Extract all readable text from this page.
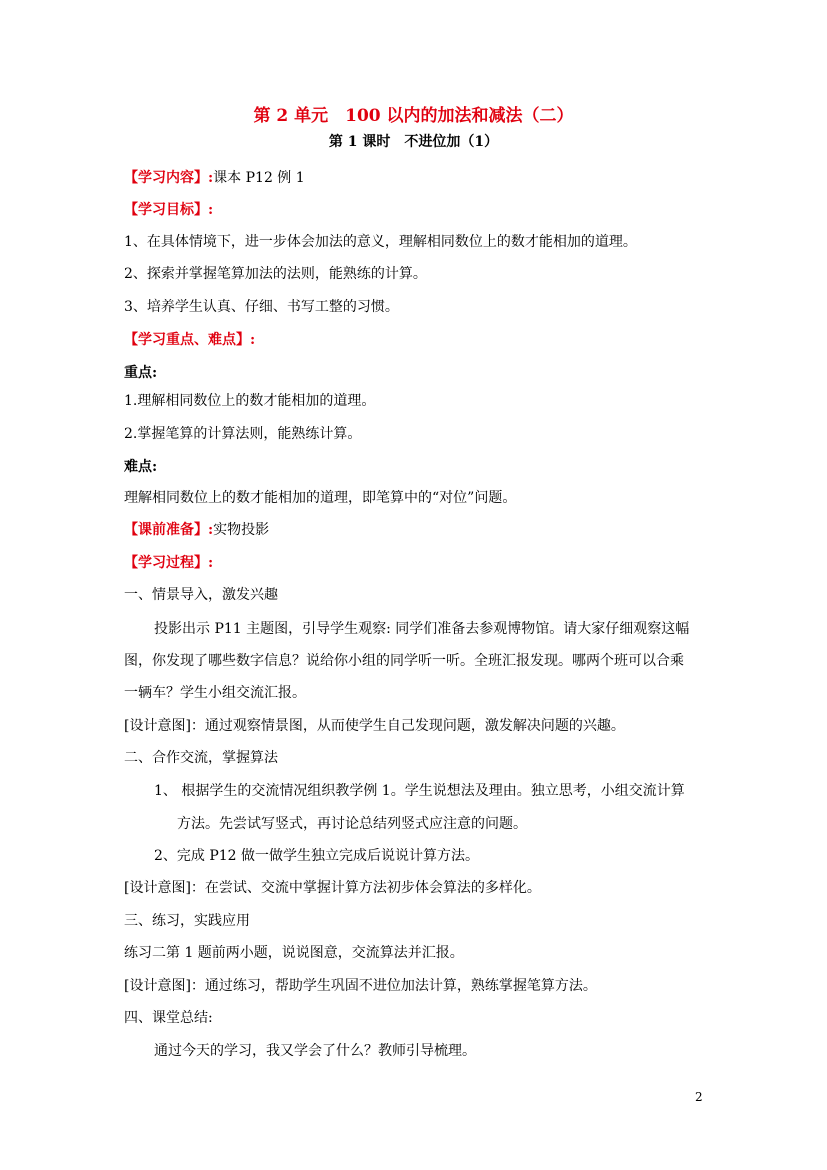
第 2 单元　100 以内的加法和减法（二）
第 1 课时　不进位加（1）
【学习内容】:课本 P12 例 1
【学习目标】:
1、在具体情境下，进一步体会加法的意义，理解相同数位上的数才能相加的道理。
2、探索并掌握笔算加法的法则，能熟练的计算。
3、培养学生认真、仔细、书写工整的习惯。
【学习重点、难点】:
重点:
1.理解相同数位上的数才能相加的道理。
2.掌握笔算的计算法则，能熟练计算。
难点:
理解相同数位上的数才能相加的道理，即笔算中的“对位”问题。
【课前准备】:实物投影
【学习过程】:
一、情景导入，激发兴趣
投影出示 P11 主题图，引导学生观察: 同学们准备去参观博物馆。请大家仔细观察这幅
图，你发现了哪些数字信息？说给你小组的同学听一听。全班汇报发现。哪两个班可以合乘
一辆车？学生小组交流汇报。
[设计意图]：通过观察情景图，从而使学生自己发现问题，激发解决问题的兴趣。
二、合作交流，掌握算法
1、 根据学生的交流情况组织教学例 1。学生说想法及理由。独立思考，小组交流计算
方法。先尝试写竖式，再讨论总结列竖式应注意的问题。
2、完成 P12 做一做学生独立完成后说说计算方法。
[设计意图]：在尝试、交流中掌握计算方法初步体会算法的多样化。
三、练习，实践应用
练习二第 1 题前两小题，说说图意，交流算法并汇报。
[设计意图]：通过练习，帮助学生巩固不进位加法计算，熟练掌握笔算方法。
四、课堂总结:
通过今天的学习，我又学会了什么？教师引导梳理。
2
